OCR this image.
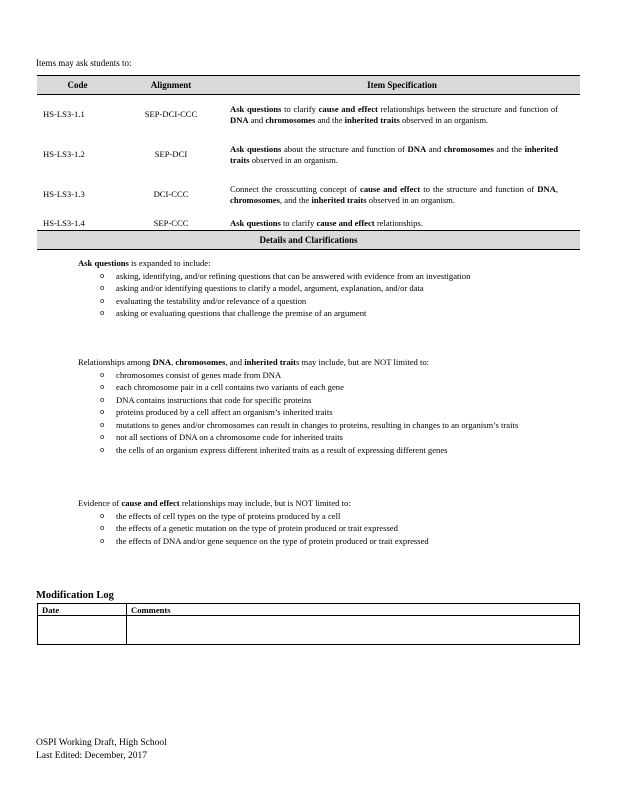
Items may ask students to:
Code	Alignment	Item Specification
HS-LS3-1.1	SEP-DCI-CCC	Ask questions to clarify cause and effect relationships between the structure and function of DNA and chromosomes and the inherited traits observed in an organism.
HS-LS3-1.2	SEP-DCI	Ask questions about the structure and function of DNA and chromosomes and the inherited traits observed in an organism.
HS-LS3-1.3	DCI-CCC	Connect the crosscutting concept of cause and effect to the structure and function of DNA, chromosomes, and the inherited traits observed in an organism.
HS-LS3-1.4	SEP-CCC	Ask questions to clarify cause and effect relationships.
Details and Clarifications
Ask questions is expanded to include:
o asking, identifying, and/or refining questions that can be answered with evidence from an investigation
o asking and/or identifying questions to clarify a model, argument, explanation, and/or data
o evaluating the testability and/or relevance of a question
o asking or evaluating questions that challenge the premise of an argument
Relationships among DNA, chromosomes, and inherited traits may include, but are NOT limited to:
o chromosomes consist of genes made from DNA
o each chromosome pair in a cell contains two variants of each gene
o DNA contains instructions that code for specific proteins
o proteins produced by a cell affect an organism’s inherited traits
o mutations to genes and/or chromosomes can result in changes to proteins, resulting in changes to an organism’s traits
o not all sections of DNA on a chromosome code for inherited traits
o the cells of an organism express different inherited traits as a result of expressing different genes
Evidence of cause and effect relationships may include, but is NOT limited to:
o the effects of cell types on the type of proteins produced by a cell
o the effects of a genetic mutation on the type of protein produced or trait expressed
o the effects of DNA and/or gene sequence on the type of protein produced or trait expressed
Modification Log
Date	Comments

OSPI Working Draft, High School
Last Edited: December, 2017
